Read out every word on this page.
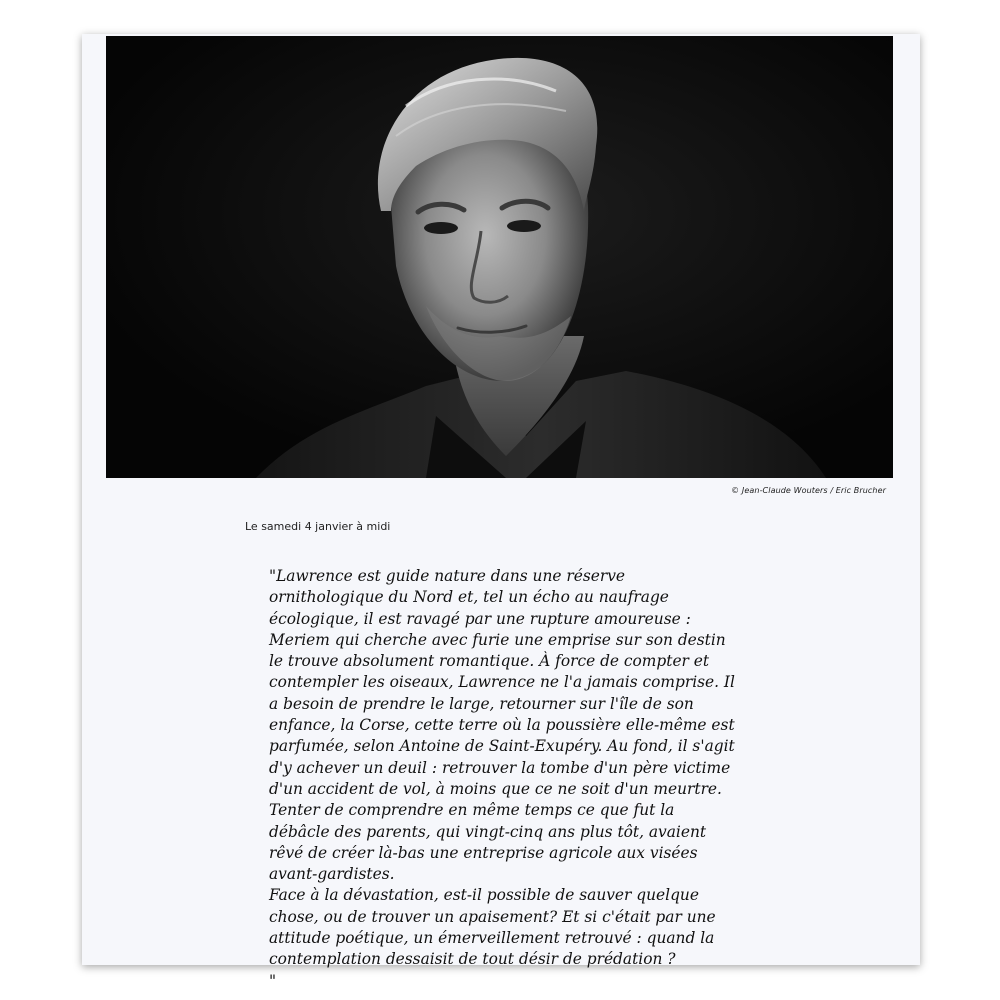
© Jean-Claude Wouters / Eric Brucher
Le samedi 4 janvier à midi

"Lawrence est guide nature dans une réserve ornithologique du Nord et, tel un écho au naufrage écologique, il est ravagé par une rupture amoureuse : Meriem qui cherche avec furie une emprise sur son destin le trouve absolument romantique. À force de compter et contempler les oiseaux, Lawrence ne l'a jamais comprise. Il a besoin de prendre le large, retourner sur l'île de son enfance, la Corse, cette terre où la poussière elle-même est parfumée, selon Antoine de Saint-Exupéry. Au fond, il s'agit d'y achever un deuil : retrouver la tombe d'un père victime d'un accident de vol, à moins que ce ne soit d'un meurtre. Tenter de comprendre en même temps ce que fut la débâcle des parents, qui vingt-cinq ans plus tôt, avaient rêvé de créer là-bas une entreprise agricole aux visées avant-gardistes.

Face à la dévastation, est-il possible de sauver quelque chose, ou de trouver un apaisement? Et si c'était par une attitude poétique, un émerveillement retrouvé : quand la contemplation dessaisit de tout désir de prédation ?

"
